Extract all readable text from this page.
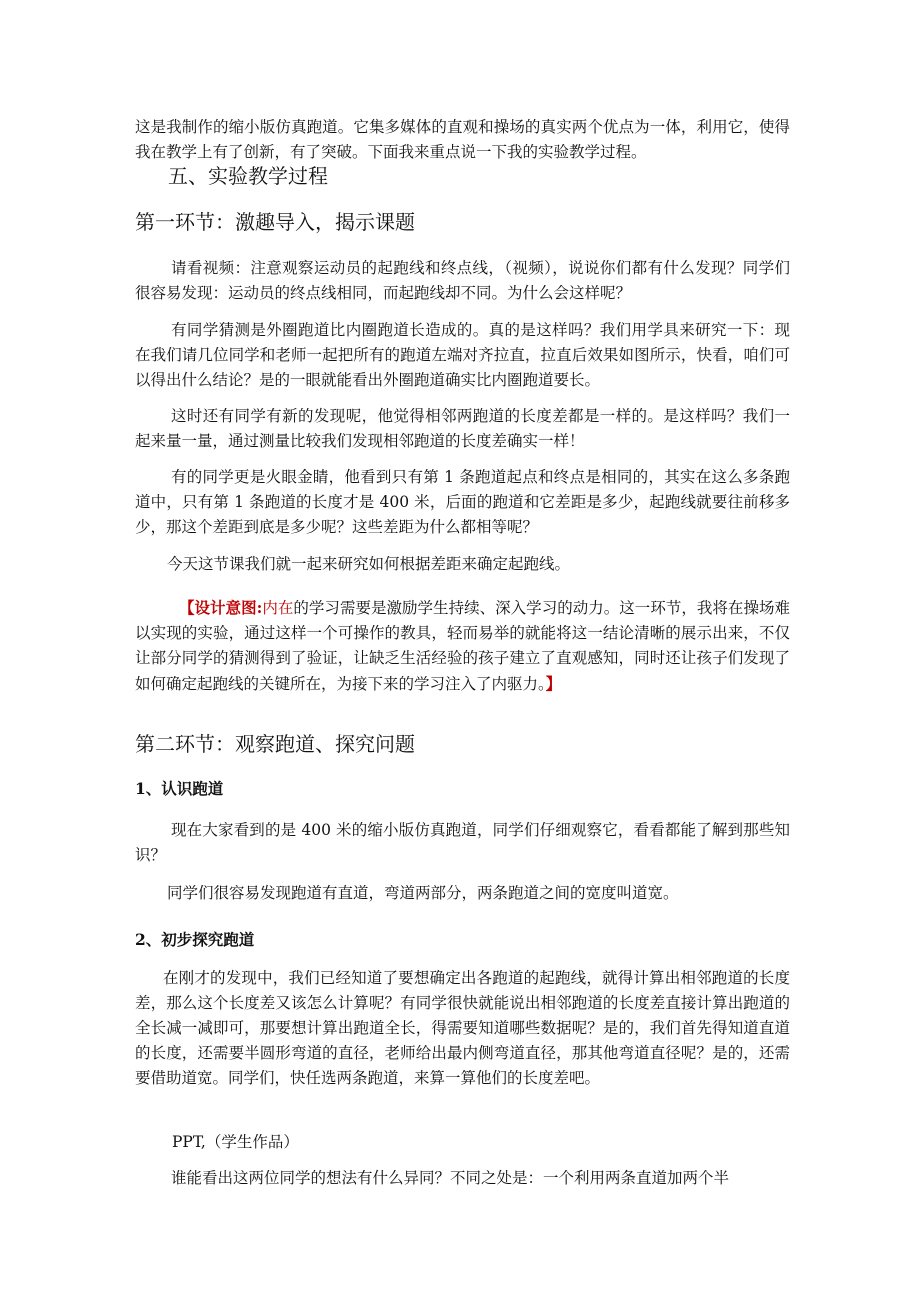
这是我制作的缩小版仿真跑道。它集多媒体的直观和操场的真实两个优点为一体，利用它，使得我在教学上有了创新，有了突破。下面我来重点说一下我的实验教学过程。

五、实验教学过程
第一环节：激趣导入，揭示课题

请看视频：注意观察运动员的起跑线和终点线，（视频），说说你们都有什么发现？同学们很容易发现：运动员的终点线相同，而起跑线却不同。为什么会这样呢？

有同学猜测是外圈跑道比内圈跑道长造成的。真的是这样吗？我们用学具来研究一下：现在我们请几位同学和老师一起把所有的跑道左端对齐拉直，拉直后效果如图所示，快看，咱们可以得出什么结论？是的一眼就能看出外圈跑道确实比内圈跑道要长。

这时还有同学有新的发现呢，他觉得相邻两跑道的长度差都是一样的。是这样吗？我们一起来量一量，通过测量比较我们发现相邻跑道的长度差确实一样！

有的同学更是火眼金睛，他看到只有第 1 条跑道起点和终点是相同的，其实在这么多条跑道中，只有第 1 条跑道的长度才是 400 米，后面的跑道和它差距是多少，起跑线就要往前移多少，那这个差距到底是多少呢？这些差距为什么都相等呢？

今天这节课我们就一起来研究如何根据差距来确定起跑线。

【设计意图:内在的学习需要是激励学生持续、深入学习的动力。这一环节，我将在操场难以实现的实验，通过这样一个可操作的教具，轻而易举的就能将这一结论清晰的展示出来，不仅让部分同学的猜测得到了验证，让缺乏生活经验的孩子建立了直观感知，同时还让孩子们发现了如何确定起跑线的关键所在，为接下来的学习注入了内驱力。】

第二环节：观察跑道、探究问题
1、认识跑道

现在大家看到的是 400 米的缩小版仿真跑道，同学们仔细观察它，看看都能了解到那些知识？

同学们很容易发现跑道有直道，弯道两部分，两条跑道之间的宽度叫道宽。

2、初步探究跑道

在刚才的发现中，我们已经知道了要想确定出各跑道的起跑线，就得计算出相邻跑道的长度差，那么这个长度差又该怎么计算呢？有同学很快就能说出相邻跑道的长度差直接计算出跑道的全长减一减即可，那要想计算出跑道全长，得需要知道哪些数据呢？是的，我们首先得知道直道的长度，还需要半圆形弯道的直径，老师给出最内侧弯道直径，那其他弯道直径呢？是的，还需要借助道宽。同学们，快任选两条跑道，来算一算他们的长度差吧。

PPT,（学生作品）

谁能看出这两位同学的想法有什么异同？不同之处是：一个利用两条直道加两个半
